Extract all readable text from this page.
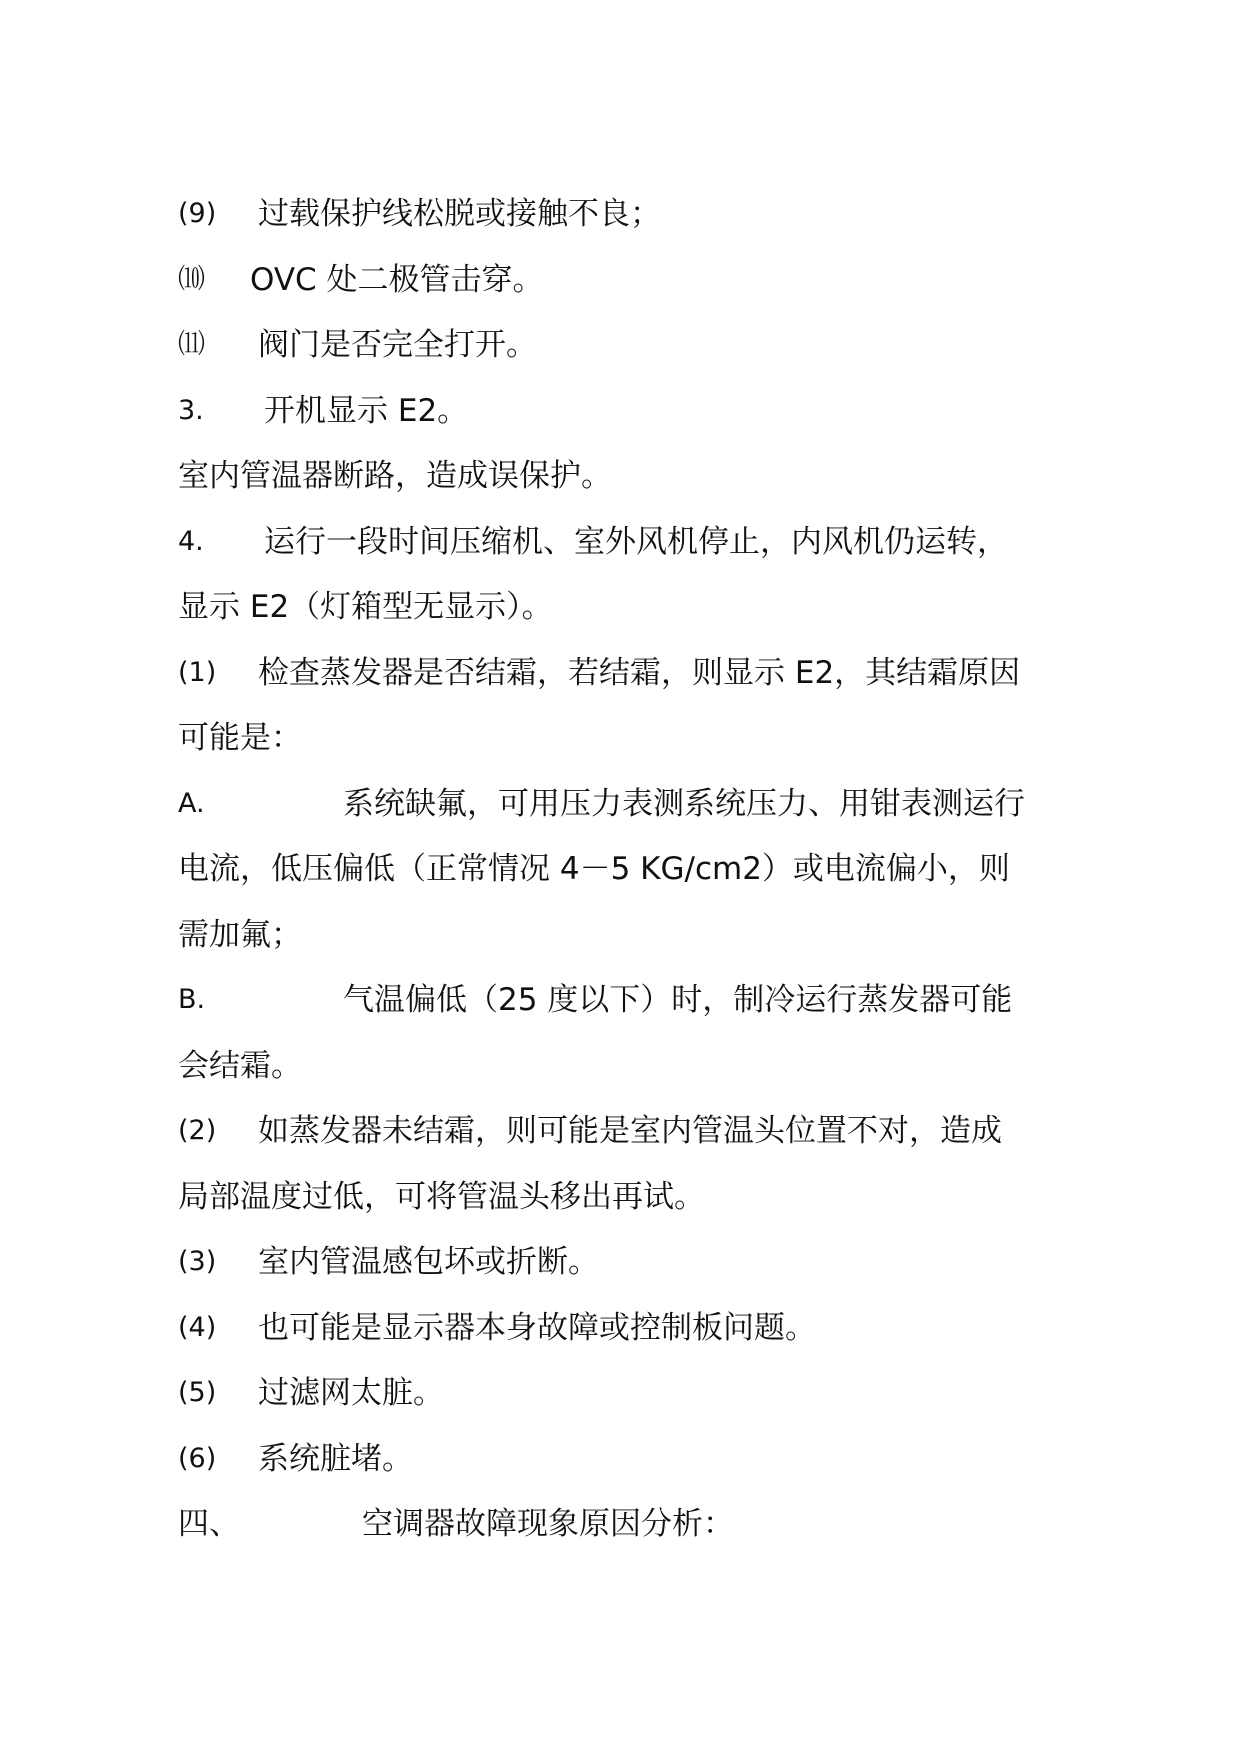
(9)	过载保护线松脱或接触不良；
⑽	OVC 处二极管击穿。
⑾	阀门是否完全打开。
3.	开机显示 E2。
室内管温器断路，造成误保护。
4.	运行一段时间压缩机、室外风机停止，内风机仍运转，
显示 E2（灯箱型无显示）。
(1)	检查蒸发器是否结霜，若结霜，则显示 E2，其结霜原因
可能是：
A.	系统缺氟，可用压力表测系统压力、用钳表测运行
电流，低压偏低（正常情况 4－5 KG/cm2）或电流偏小，则
需加氟；
B.	气温偏低（25 度以下）时，制冷运行蒸发器可能
会结霜。
(2)	如蒸发器未结霜，则可能是室内管温头位置不对，造成
局部温度过低，可将管温头移出再试。
(3)	室内管温感包坏或折断。
(4)	也可能是显示器本身故障或控制板问题。
(5)	过滤网太脏。
(6)	系统脏堵。
四、	空调器故障现象原因分析：
